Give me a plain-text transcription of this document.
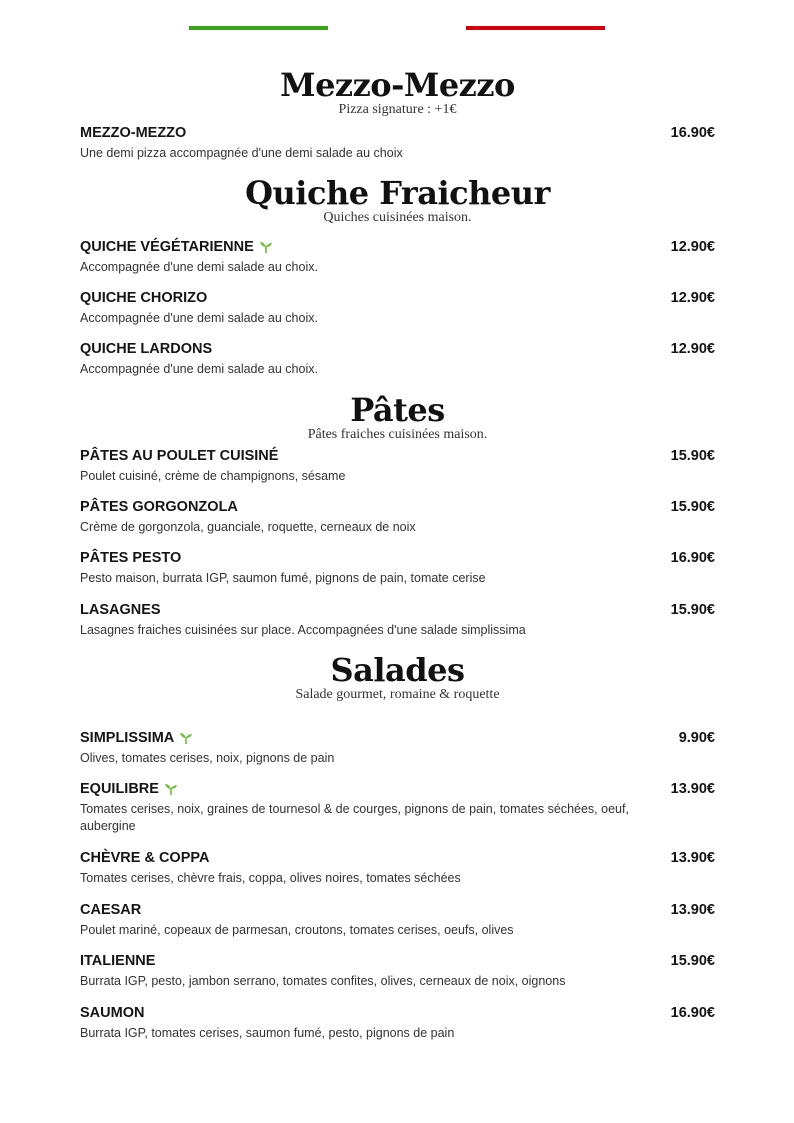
Mezzo-Mezzo

Pizza signature : +1€

MEZZO-MEZZO	16.90€
Une demi pizza accompagnée d'une demi salade au choix
Quiche Fraicheur

Quiches cuisinées maison.

QUICHE VÉGÉTARIENNE	12.90€
Accompagnée d'une demi salade au choix.
QUICHE CHORIZO	12.90€
Accompagnée d'une demi salade au choix.
QUICHE LARDONS	12.90€
Accompagnée d'une demi salade au choix.
Pâtes

Pâtes fraiches cuisinées maison.

PÂTES AU POULET CUISINÉ	15.90€
Poulet cuisiné, crème de champignons, sésame
PÂTES GORGONZOLA	15.90€
Crème de gorgonzola, guanciale, roquette, cerneaux de noix
PÂTES PESTO	16.90€
Pesto maison, burrata IGP, saumon fumé, pignons de pain, tomate cerise
LASAGNES	15.90€
Lasagnes fraiches cuisinées sur place. Accompagnées d'une salade simplissima
Salades

Salade gourmet, romaine & roquette

SIMPLISSIMA	9.90€
Olives, tomates cerises, noix, pignons de pain
EQUILIBRE	13.90€
Tomates cerises, noix, graines de tournesol & de courges, pignons de pain, tomates séchées, oeuf, aubergine
CHÈVRE & COPPA	13.90€
Tomates cerises, chèvre frais, coppa, olives noires, tomates séchées
CAESAR	13.90€
Poulet mariné, copeaux de parmesan, croutons, tomates cerises, oeufs, olives
ITALIENNE	15.90€
Burrata IGP, pesto, jambon serrano, tomates confites, olives, cerneaux de noix, oignons
SAUMON	16.90€
Burrata IGP, tomates cerises, saumon fumé, pesto, pignons de pain
